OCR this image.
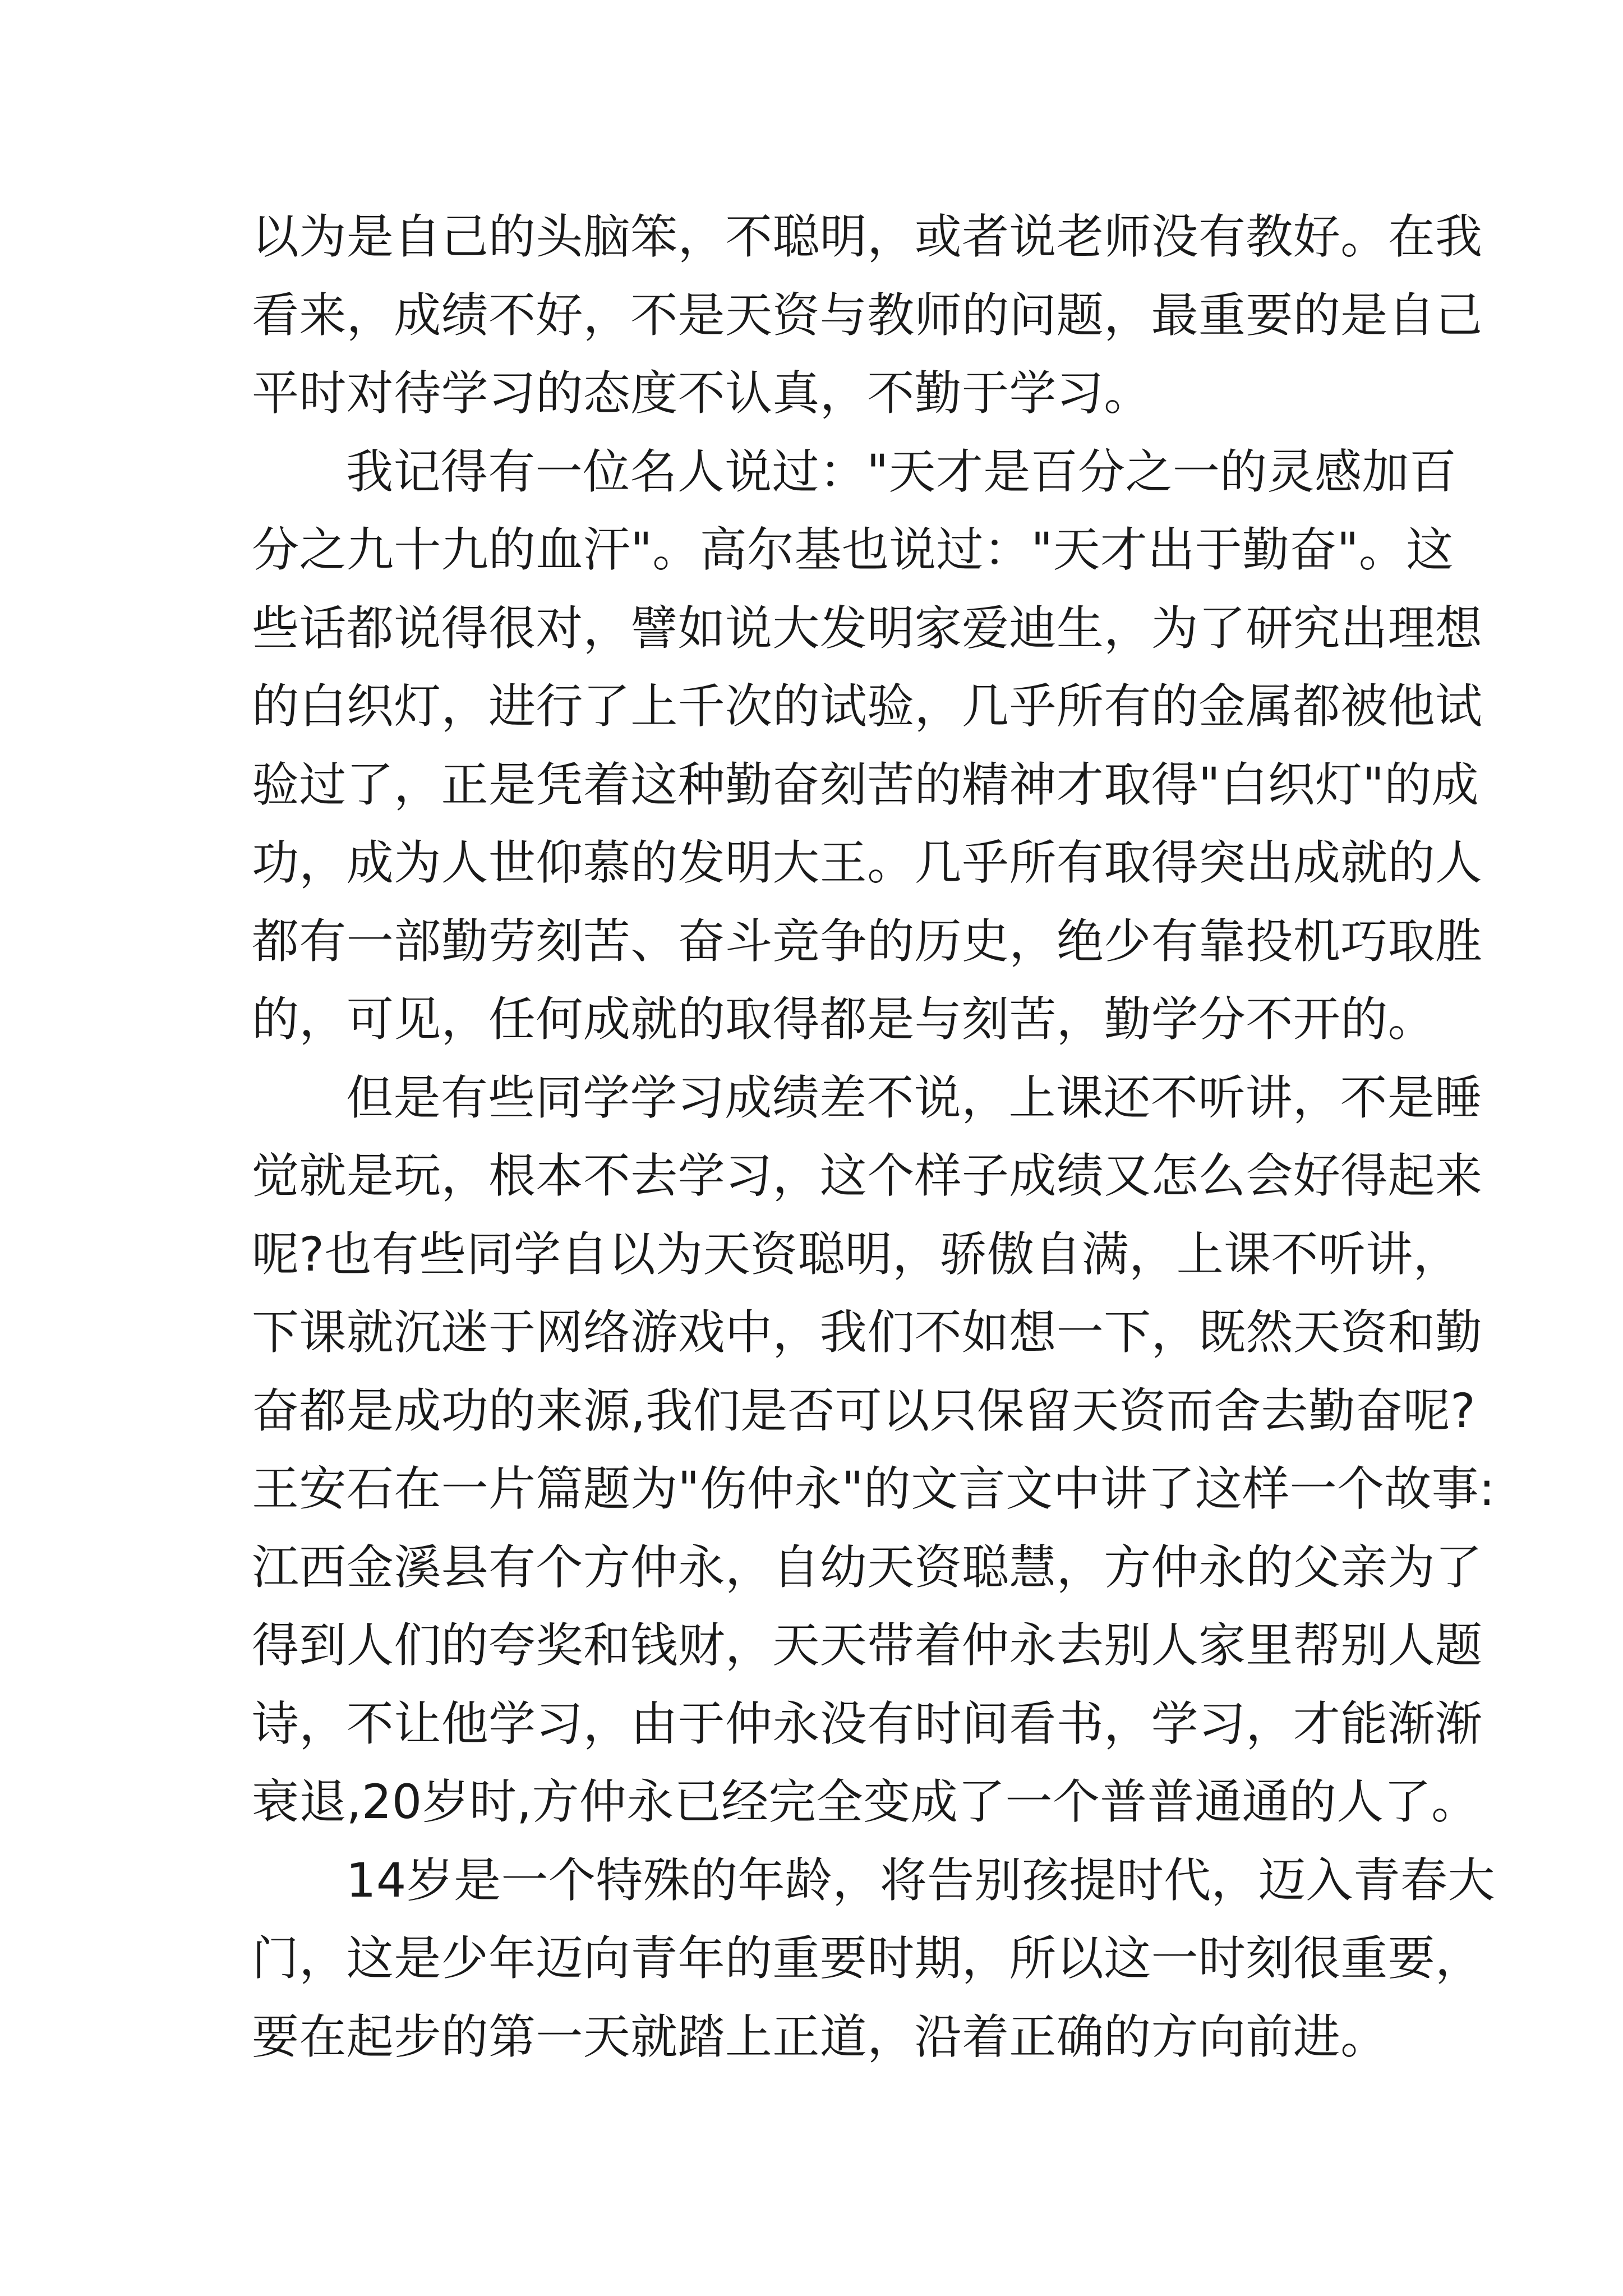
以为是自己的头脑笨，不聪明，或者说老师没有教好。在我
看来，成绩不好，不是天资与教师的问题，最重要的是自己
平时对待学习的态度不认真，不勤于学习。
我记得有一位名人说过："天才是百分之一的灵感加百
分之九十九的血汗"。高尔基也说过："天才出于勤奋"。这
些话都说得很对，譬如说大发明家爱迪生，为了研究出理想
的白织灯，进行了上千次的试验，几乎所有的金属都被他试
验过了，正是凭着这种勤奋刻苦的精神才取得"白织灯"的成
功，成为人世仰慕的发明大王。几乎所有取得突出成就的人
都有一部勤劳刻苦、奋斗竞争的历史，绝少有靠投机巧取胜
的，可见，任何成就的取得都是与刻苦，勤学分不开的。
但是有些同学学习成绩差不说，上课还不听讲，不是睡
觉就是玩，根本不去学习，这个样子成绩又怎么会好得起来
呢?也有些同学自以为天资聪明，骄傲自满，上课不听讲，
下课就沉迷于网络游戏中，我们不如想一下，既然天资和勤
奋都是成功的来源,我们是否可以只保留天资而舍去勤奋呢?
王安石在一片篇题为"伤仲永"的文言文中讲了这样一个故事:
江西金溪县有个方仲永，自幼天资聪慧，方仲永的父亲为了
得到人们的夸奖和钱财，天天带着仲永去别人家里帮别人题
诗，不让他学习，由于仲永没有时间看书，学习，才能渐渐
衰退,20岁时,方仲永已经完全变成了一个普普通通的人了。
14岁是一个特殊的年龄，将告别孩提时代，迈入青春大
门，这是少年迈向青年的重要时期，所以这一时刻很重要，
要在起步的第一天就踏上正道，沿着正确的方向前进。
